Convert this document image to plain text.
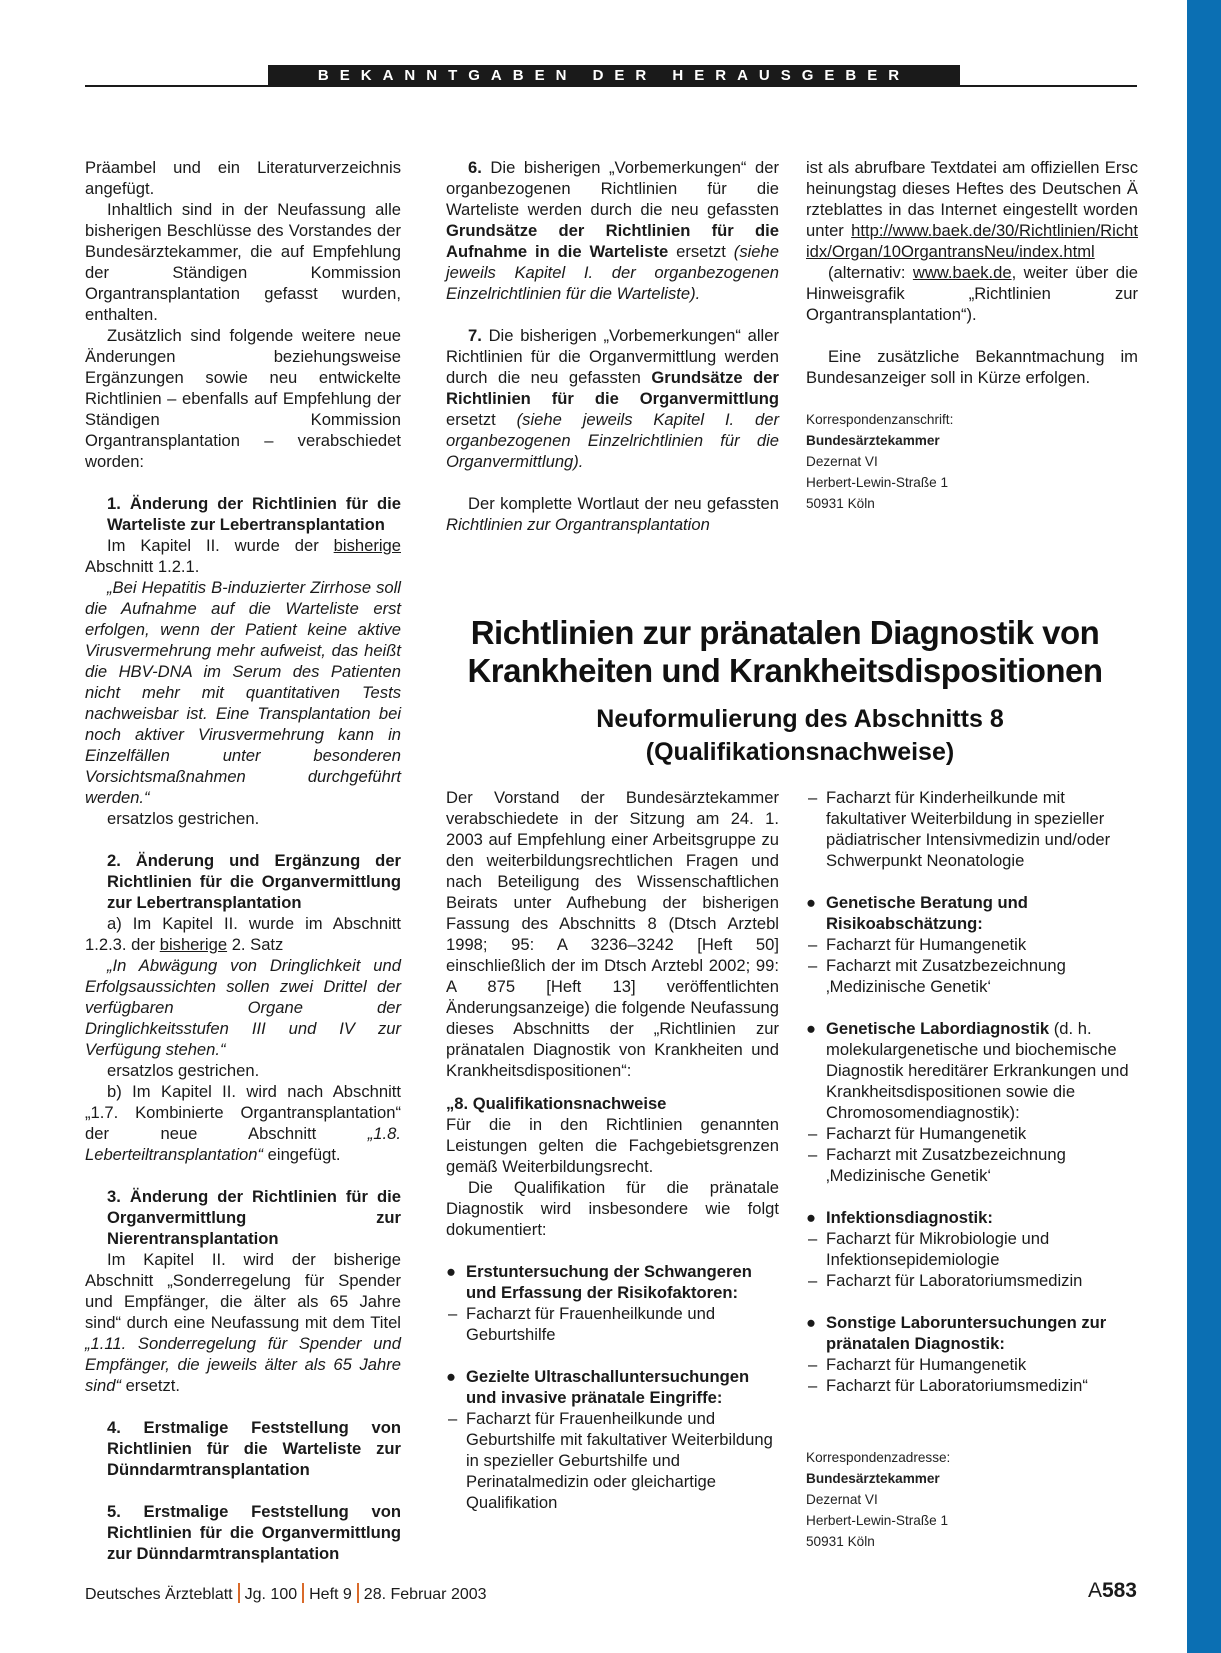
BEKANNTGABEN DER HERAUSGEBER

Präambel und ein Literaturverzeichnis angefügt.

Inhaltlich sind in der Neufassung alle bisherigen Beschlüsse des Vorstandes der Bundesärztekammer, die auf Empfehlung der Ständigen Kommission Organtransplantation gefasst wurden, enthalten.

Zusätzlich sind folgende weitere neue Änderungen beziehungsweise Ergänzungen sowie neu entwickelte Richtlinien – ebenfalls auf Empfehlung der Ständigen Kommission Organtransplantation – verabschiedet worden:

1. Änderung der Richtlinien für die Warteliste zur Lebertransplantation

Im Kapitel II. wurde der bisherige Abschnitt 1.2.1.

„Bei Hepatitis B-induzierter Zirrhose soll die Aufnahme auf die Warteliste erst erfolgen, wenn der Patient keine aktive Virusvermehrung mehr aufweist, das heißt die HBV-DNA im Serum des Patienten nicht mehr mit quantitativen Tests nachweisbar ist. Eine Transplantation bei noch aktiver Virusvermehrung kann in Einzelfällen unter besonderen Vorsichtsmaßnahmen durchgeführt werden.“

ersatzlos gestrichen.

2. Änderung und Ergänzung der Richtlinien für die Organvermittlung zur Lebertransplantation

a) Im Kapitel II. wurde im Abschnitt 1.2.3. der bisherige 2. Satz

„In Abwägung von Dringlichkeit und Erfolgsaussichten sollen zwei Drittel der verfügbaren Organe der Dringlichkeitsstufen III und IV zur Verfügung stehen.“

ersatzlos gestrichen.

b) Im Kapitel II. wird nach Abschnitt „1.7. Kombinierte Organtransplantation“ der neue Abschnitt „1.8. Leberteiltransplantation“ eingefügt.

3. Änderung der Richtlinien für die Organvermittlung zur Nierentransplantation

Im Kapitel II. wird der bisherige Abschnitt „Sonderregelung für Spender und Empfänger, die älter als 65 Jahre sind“ durch eine Neufassung mit dem Titel „1.11. Sonderregelung für Spender und Empfänger, die jeweils älter als 65 Jahre sind“ ersetzt.

4. Erstmalige Feststellung von Richtlinien für die Warteliste zur Dünndarmtransplantation

5. Erstmalige Feststellung von Richtlinien für die Organvermittlung zur Dünndarmtransplantation

6. Die bisherigen „Vorbemerkungen“ der organbezogenen Richtlinien für die Warteliste werden durch die neu gefassten Grundsätze der Richtlinien für die Aufnahme in die Warteliste ersetzt (siehe jeweils Kapitel I. der organbezogenen Einzelrichtlinien für die Warteliste).

7. Die bisherigen „Vorbemerkungen“ aller Richtlinien für die Organvermittlung werden durch die neu gefassten Grundsätze der Richtlinien für die Organvermittlung ersetzt (siehe jeweils Kapitel I. der organbezogenen Einzelrichtlinien für die Organvermittlung).

Der komplette Wortlaut der neu gefassten Richtlinien zur Organtransplantation

ist als abrufbare Textdatei am offiziellen Erscheinungstag dieses Heftes des Deutschen Ärzteblattes in das Internet eingestellt worden unter http://www.baek.de/30/Richtlinien/Richtidx/Organ/10OrgantransNeu/index.html

(alternativ: www.baek.de, weiter über die Hinweisgrafik „Richtlinien zur Organtransplantation“).

Eine zusätzliche Bekanntmachung im Bundesanzeiger soll in Kürze erfolgen.

Korrespondenzanschrift:
Bundesärztekammer
Dezernat VI
Herbert-Lewin-Straße 1
50931 Köln
Richtlinien zur pränatalen Diagnostik von Krankheiten und Krankheitsdispositionen
Neuformulierung des Abschnitts 8 (Qualifikationsnachweise)

Der Vorstand der Bundesärztekammer verabschiedete in der Sitzung am 24. 1. 2003 auf Empfehlung einer Arbeitsgruppe zu den weiterbildungsrechtlichen Fragen und nach Beteiligung des Wissenschaftlichen Beirats unter Aufhebung der bisherigen Fassung des Abschnitts 8 (Dtsch Arztebl 1998; 95: A 3236–3242 [Heft 50] einschließlich der im Dtsch Arztebl 2002; 99: A 875 [Heft 13] veröffentlichten Änderungsanzeige) die folgende Neufassung dieses Abschnitts der „Richtlinien zur pränatalen Diagnostik von Krankheiten und Krankheitsdispositionen“:

„8. Qualifikationsnachweise

Für die in den Richtlinien genannten Leistungen gelten die Fachgebietsgrenzen gemäß Weiterbildungsrecht.

Die Qualifikation für die pränatale Diagnostik wird insbesondere wie folgt dokumentiert:

● Erstuntersuchung der Schwangeren und Erfassung der Risikofaktoren:
– Facharzt für Frauenheilkunde und Geburtshilfe
● Gezielte Ultraschalluntersuchungen und invasive pränatale Eingriffe:
– Facharzt für Frauenheilkunde und Geburtshilfe mit fakultativer Weiterbildung in spezieller Geburtshilfe und Perinatalmedizin oder gleichartige Qualifikation
– Facharzt für Kinderheilkunde mit fakultativer Weiterbildung in spezieller pädiatrischer Intensivmedizin und/oder Schwerpunkt Neonatologie
● Genetische Beratung und Risikoabschätzung:
– Facharzt für Humangenetik
– Facharzt mit Zusatzbezeichnung ‚Medizinische Genetik‘
● Genetische Labordiagnostik (d. h. molekulargenetische und biochemische Diagnostik hereditärer Erkrankungen und Krankheitsdispositionen sowie die Chromosomendiagnostik):
– Facharzt für Humangenetik
– Facharzt mit Zusatzbezeichnung ‚Medizinische Genetik‘
● Infektionsdiagnostik:
– Facharzt für Mikrobiologie und Infektionsepidemiologie
– Facharzt für Laboratoriumsmedizin
● Sonstige Laboruntersuchungen zur pränatalen Diagnostik:
– Facharzt für Humangenetik
– Facharzt für Laboratoriumsmedizin“
Korrespondenzadresse:
Bundesärztekammer
Dezernat VI
Herbert-Lewin-Straße 1
50931 Köln
Deutsches Ärzteblatt Jg. 100 Heft 9 28. Februar 2003	A583
